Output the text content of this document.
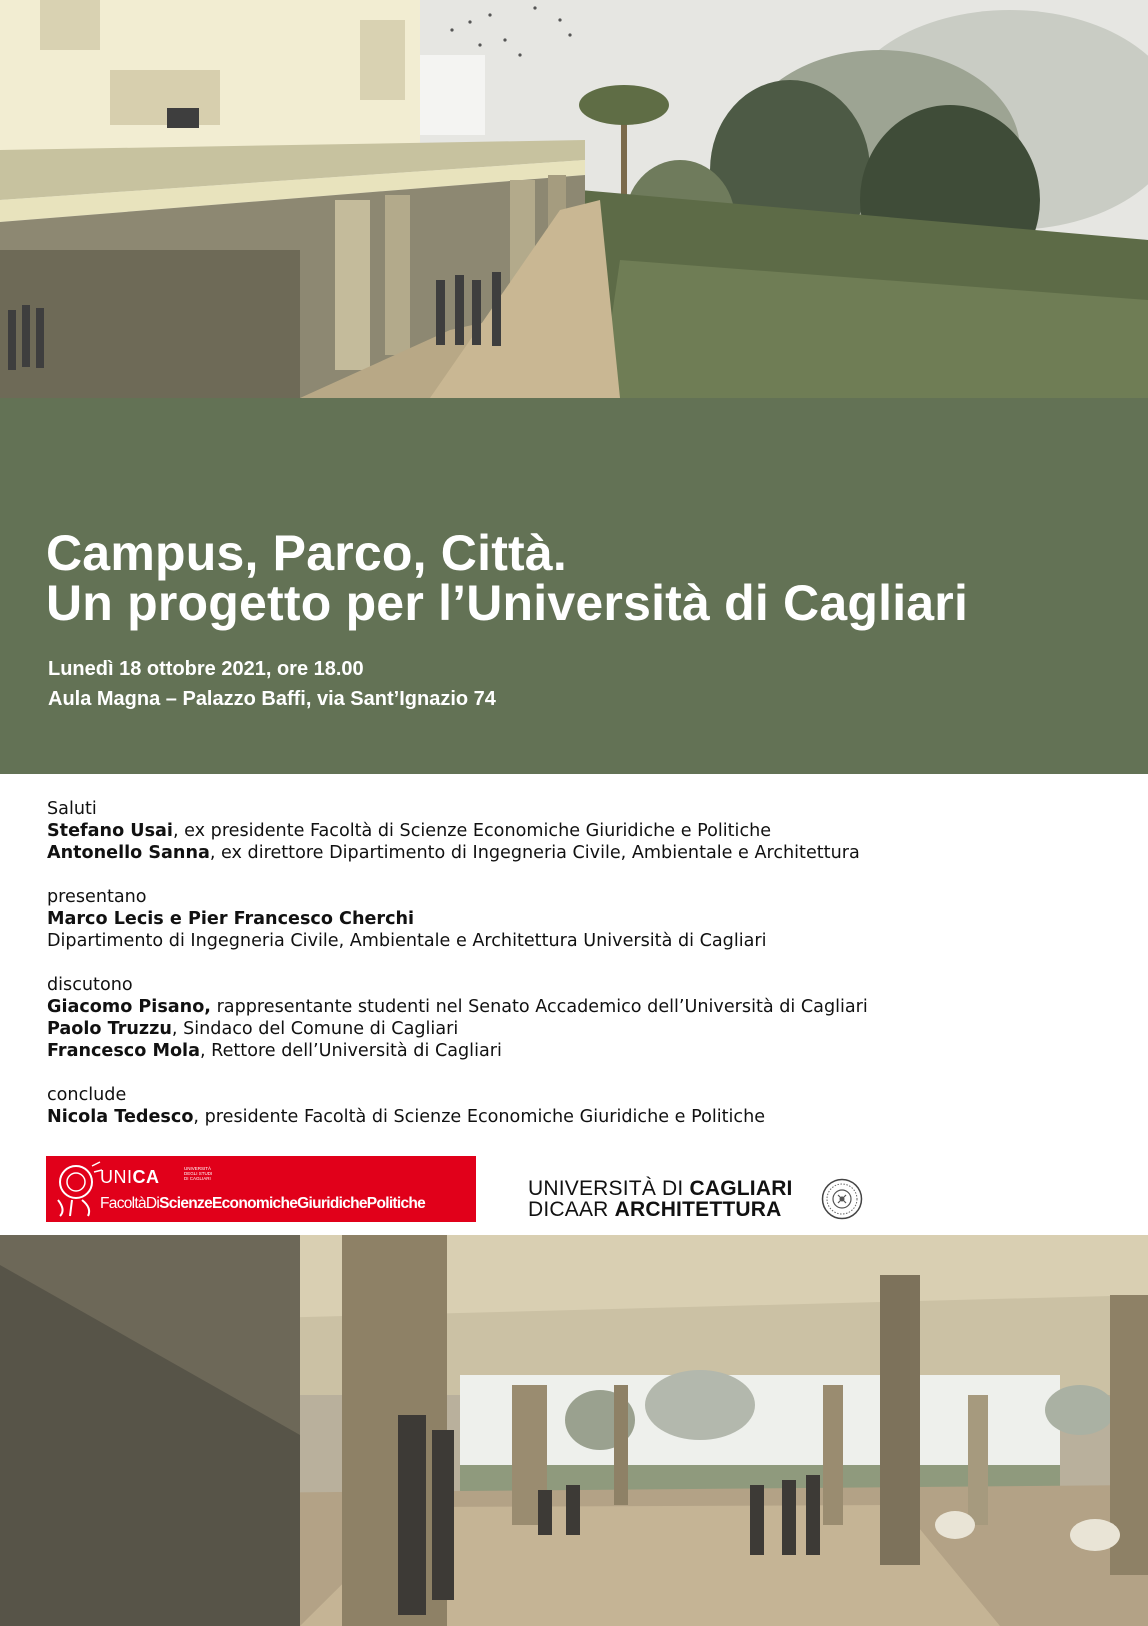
Campus, Parco, Città.
Un progetto per l’Università di Cagliari
Lunedì 18 ottobre 2021, ore 18.00
Aula Magna – Palazzo Baffi, via Sant’Ignazio 74
Saluti
Stefano Usai, ex presidente Facoltà di Scienze Economiche Giuridiche e Politiche
Antonello Sanna, ex direttore Dipartimento di Ingegneria Civile, Ambientale e Architettura
presentano
Marco Lecis e Pier Francesco Cherchi
Dipartimento di Ingegneria Civile, Ambientale e Architettura Università di Cagliari
discutono
Giacomo Pisano, rappresentante studenti nel Senato Accademico dell’Università di Cagliari
Paolo Truzzu, Sindaco del Comune di Cagliari
Francesco Mola, Rettore dell’Università di Cagliari
conclude
Nicola Tedesco, presidente Facoltà di Scienze Economiche Giuridiche e Politiche
UNICA	UNIVERSITÀ
DEGLI STUDI
DI CAGLIARI
FacoltàDiScienzeEconomicheGiuridichePolitiche
UNIVERSITÀ DI CAGLIARI
DICAAR ARCHITETTURA
